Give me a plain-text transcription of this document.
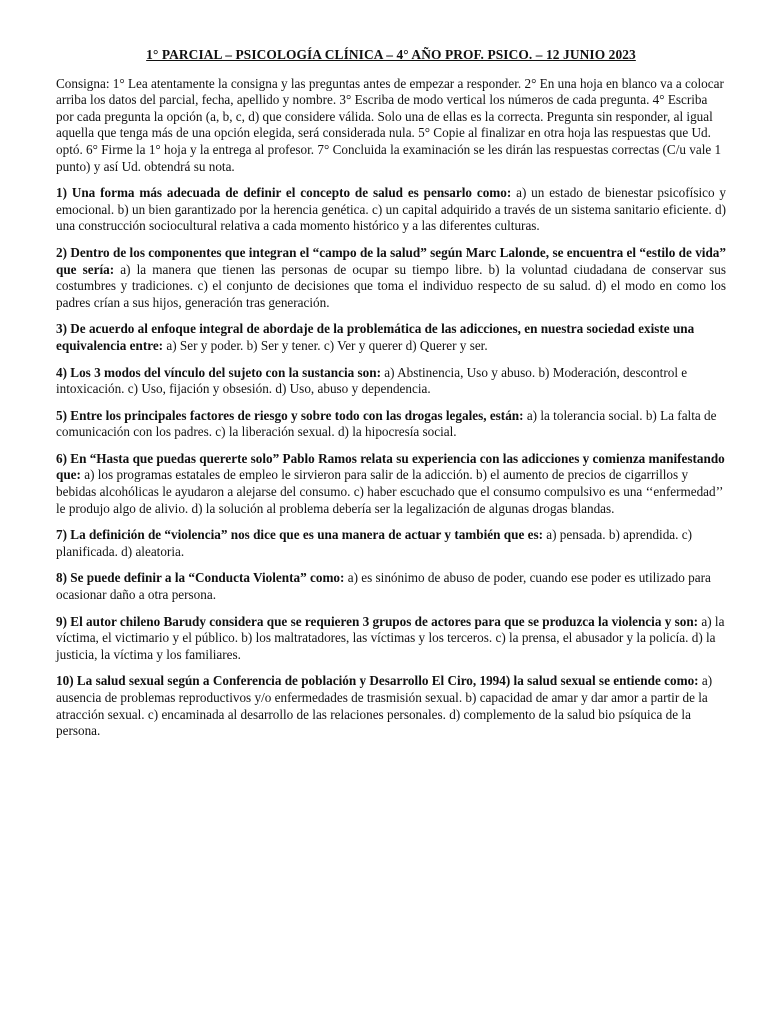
1° PARCIAL – PSICOLOGÍA CLÍNICA – 4° AÑO PROF. PSICO. – 12 JUNIO 2023
Consigna: 1° Lea atentamente la consigna y las preguntas antes de empezar a responder. 2° En una hoja en blanco va a colocar arriba los datos del parcial, fecha, apellido y nombre. 3° Escriba de modo vertical los números de cada pregunta. 4° Escriba por cada pregunta la opción (a, b, c, d) que considere válida. Solo una de ellas es la correcta. Pregunta sin responder, al igual aquella que tenga más de una opción elegida, será considerada nula. 5° Copie al finalizar en otra hoja las respuestas que Ud. optó. 6° Firme la 1° hoja y la entrega al profesor. 7° Concluida la examinación se les dirán las respuestas correctas (C/u vale 1 punto) y así Ud. obtendrá su nota.
1) Una forma más adecuada de definir el concepto de salud es pensarlo como: a) un estado de bienestar psicofísico y emocional. b) un bien garantizado por la herencia genética. c) un capital adquirido a través de un sistema sanitario eficiente. d) una construcción sociocultural relativa a cada momento histórico y a las diferentes culturas.
2) Dentro de los componentes que integran el “campo de la salud” según Marc Lalonde, se encuentra el “estilo de vida” que sería: a) la manera que tienen las personas de ocupar su tiempo libre. b) la voluntad ciudadana de conservar sus costumbres y tradiciones. c) el conjunto de decisiones que toma el individuo respecto de su salud. d) el modo en como los padres crían a sus hijos, generación tras generación.
3) De acuerdo al enfoque integral de abordaje de la problemática de las adicciones, en nuestra sociedad existe una equivalencia entre: a) Ser y poder. b) Ser y tener. c) Ver y querer d) Querer y ser.
4) Los 3 modos del vínculo del sujeto con la sustancia son: a) Abstinencia, Uso y abuso. b) Moderación, descontrol e intoxicación. c) Uso, fijación y obsesión. d) Uso, abuso y dependencia.
5) Entre los principales factores de riesgo y sobre todo con las drogas legales, están: a) la tolerancia social. b) La falta de comunicación con los padres. c) la liberación sexual. d) la hipocresía social.
6) En “Hasta que puedas quererte solo” Pablo Ramos relata su experiencia con las adicciones y comienza manifestando que: a) los programas estatales de empleo le sirvieron para salir de la adicción. b) el aumento de precios de cigarrillos y bebidas alcohólicas le ayudaron a alejarse del consumo. c) haber escuchado que el consumo compulsivo es una ‘‘enfermedad’’ le produjo algo de alivio. d) la solución al problema debería ser la legalización de algunas drogas blandas.
7) La definición de “violencia” nos dice que es una manera de actuar y también que es: a) pensada. b) aprendida. c) planificada. d) aleatoria.
8) Se puede definir a la “Conducta Violenta” como: a) es sinónimo de abuso de poder, cuando ese poder es utilizado para ocasionar daño a otra persona.
9) El autor chileno Barudy considera que se requieren 3 grupos de actores para que se produzca la violencia y son: a) la víctima, el victimario y el público. b) los maltratadores, las víctimas y los terceros. c) la prensa, el abusador y la policía. d) la justicia, la víctima y los familiares.
10) La salud sexual según a Conferencia de población y Desarrollo El Ciro, 1994) la salud sexual se entiende como: a) ausencia de problemas reproductivos y/o enfermedades de trasmisión sexual. b) capacidad de amar y dar amor a partir de la atracción sexual. c) encaminada al desarrollo de las relaciones personales. d) complemento de la salud bio psíquica de la persona.
